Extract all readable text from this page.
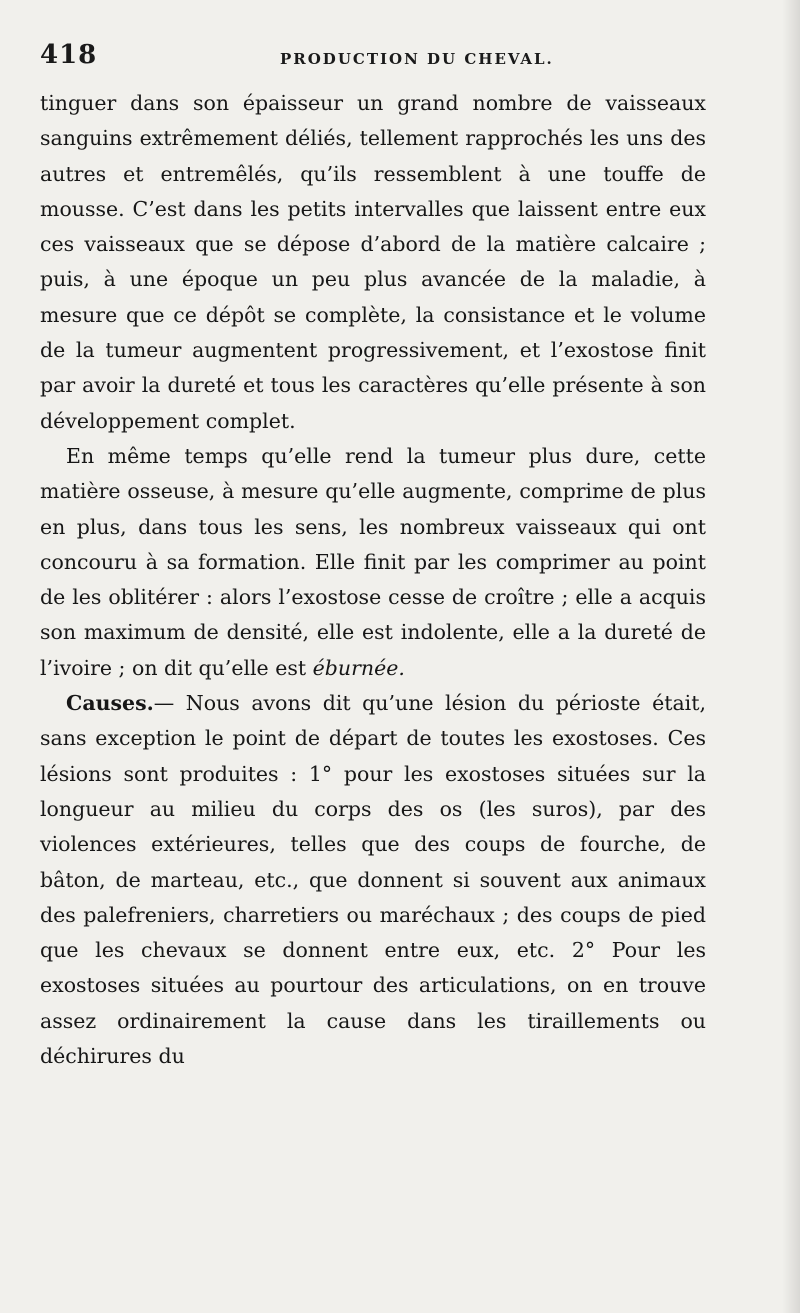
418	PRODUCTION DU CHEVAL.

tinguer dans son épaisseur un grand nombre de vaisseaux sanguins extrêmement déliés, tellement rapprochés les uns des autres et entremêlés, qu’ils ressemblent à une touffe de mousse. C’est dans les petits intervalles que laissent entre eux ces vaisseaux que se dépose d’abord de la matière calcaire ; puis, à une époque un peu plus avancée de la maladie, à mesure que ce dépôt se complète, la consistance et le volume de la tumeur augmentent progressivement, et l’exostose finit par avoir la dureté et tous les caractères qu’elle présente à son développement complet.

En même temps qu’elle rend la tumeur plus dure, cette matière osseuse, à mesure qu’elle augmente, comprime de plus en plus, dans tous les sens, les nombreux vaisseaux qui ont concouru à sa formation. Elle finit par les comprimer au point de les oblitérer : alors l’exostose cesse de croître ; elle a acquis son maximum de densité, elle est indolente, elle a la dureté de l’ivoire ; on dit qu’elle est éburnée.

Causes.— Nous avons dit qu’une lésion du périoste était, sans exception le point de départ de toutes les exostoses. Ces lésions sont produites : 1° pour les exostoses situées sur la longueur au milieu du corps des os (les suros), par des violences extérieures, telles que des coups de fourche, de bâton, de marteau, etc., que donnent si souvent aux animaux des palefreniers, charretiers ou maréchaux ; des coups de pied que les chevaux se donnent entre eux, etc. 2° Pour les exostoses situées au pourtour des articulations, on en trouve assez ordinairement la cause dans les tiraillements ou déchirures du
